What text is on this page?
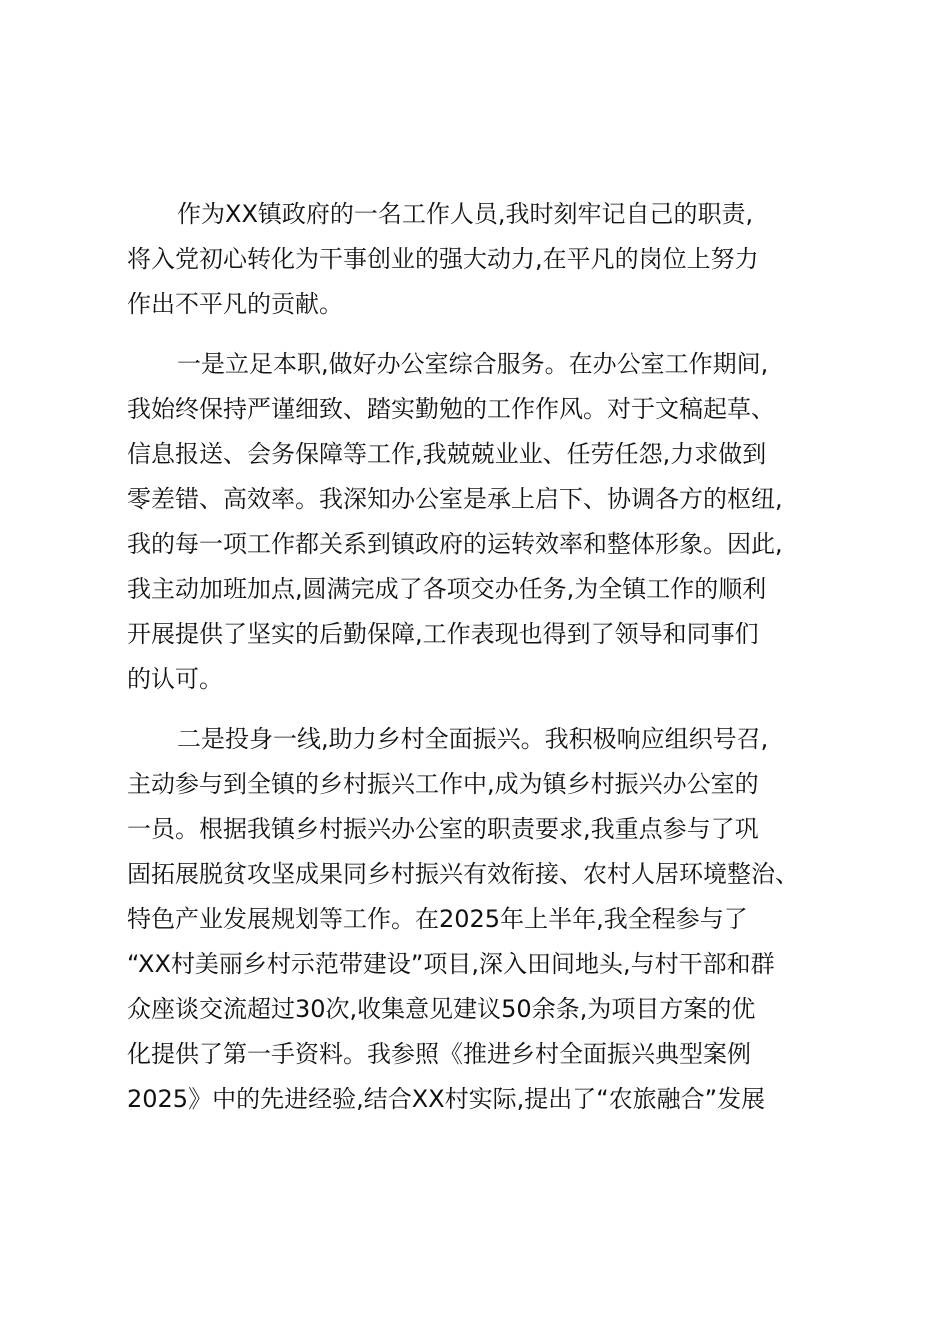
作为XX镇政府的一名工作人员,我时刻牢记自己的职责,
将入党初心转化为干事创业的强大动力,在平凡的岗位上努力
作出不平凡的贡献。
一是立足本职,做好办公室综合服务。在办公室工作期间,
我始终保持严谨细致、踏实勤勉的工作作风。对于文稿起草、
信息报送、会务保障等工作,我兢兢业业、任劳任怨,力求做到
零差错、高效率。我深知办公室是承上启下、协调各方的枢纽,
我的每一项工作都关系到镇政府的运转效率和整体形象。因此,
我主动加班加点,圆满完成了各项交办任务,为全镇工作的顺利
开展提供了坚实的后勤保障,工作表现也得到了领导和同事们
的认可。
二是投身一线,助力乡村全面振兴。我积极响应组织号召,
主动参与到全镇的乡村振兴工作中,成为镇乡村振兴办公室的
一员。根据我镇乡村振兴办公室的职责要求,我重点参与了巩
固拓展脱贫攻坚成果同乡村振兴有效衔接、农村人居环境整治、
特色产业发展规划等工作。在2025年上半年,我全程参与了
“XX村美丽乡村示范带建设”项目,深入田间地头,与村干部和群
众座谈交流超过30次,收集意见建议50余条,为项目方案的优
化提供了第一手资料。我参照《推进乡村全面振兴典型案例
2025》中的先进经验,结合XX村实际,提出了“农旅融合”发展
